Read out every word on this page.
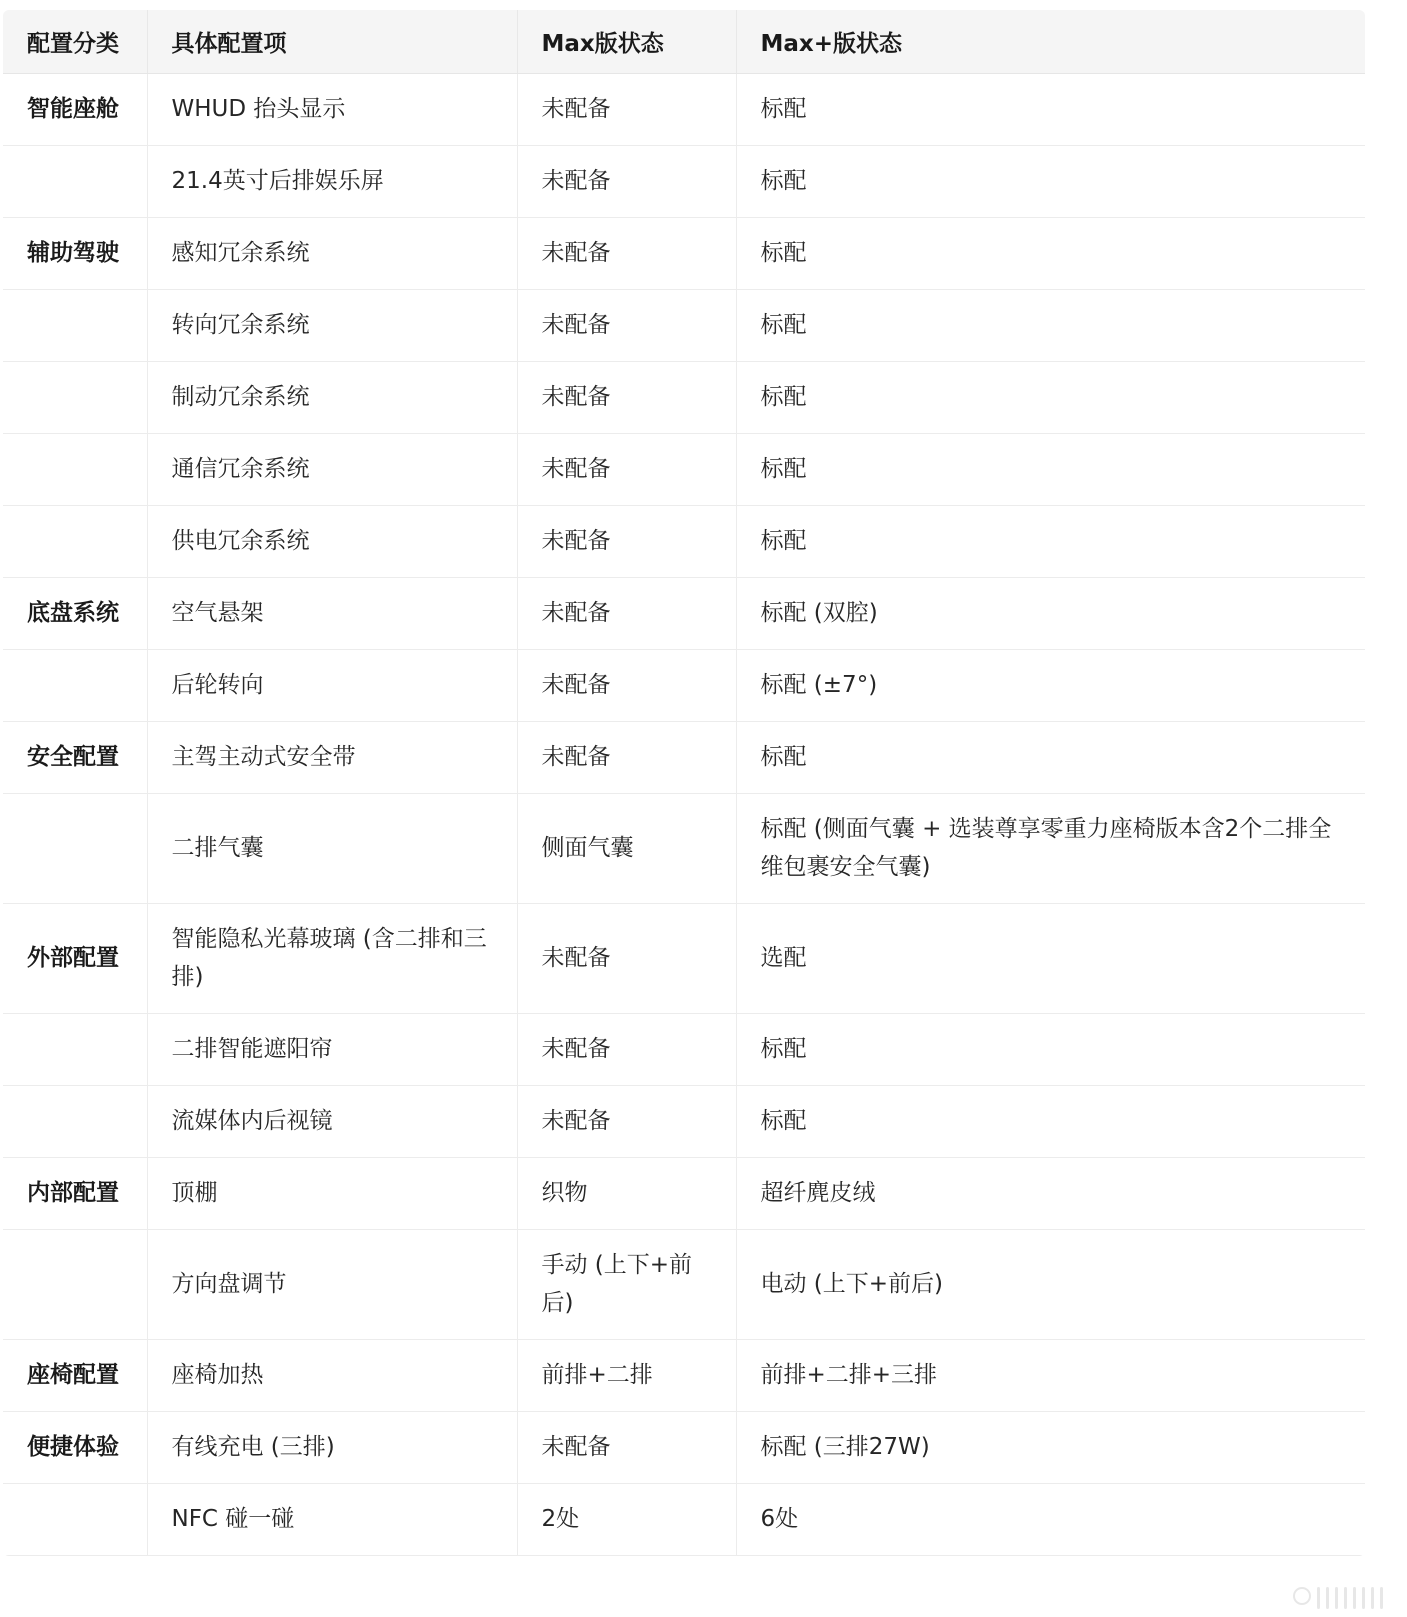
配置分类	具体配置项	Max版状态	Max+版状态
智能座舱	WHUD 抬头显示	未配备	标配
	21.4英寸后排娱乐屏	未配备	标配
辅助驾驶	感知冗余系统	未配备	标配
	转向冗余系统	未配备	标配
	制动冗余系统	未配备	标配
	通信冗余系统	未配备	标配
	供电冗余系统	未配备	标配
底盘系统	空气悬架	未配备	标配 (双腔)
	后轮转向	未配备	标配 (±7°)
安全配置	主驾主动式安全带	未配备	标配
	二排气囊	侧面气囊	标配 (侧面气囊 + 选装尊享零重力座椅版本含2个二排全维包裹安全气囊)
外部配置	智能隐私光幕玻璃 (含二排和三排)	未配备	选配
	二排智能遮阳帘	未配备	标配
	流媒体内后视镜	未配备	标配
内部配置	顶棚	织物	超纤麂皮绒
	方向盘调节	手动 (上下+前后)	电动 (上下+前后)
座椅配置	座椅加热	前排+二排	前排+二排+三排
便捷体验	有线充电 (三排)	未配备	标配 (三排27W)
	NFC 碰一碰	2处	6处
